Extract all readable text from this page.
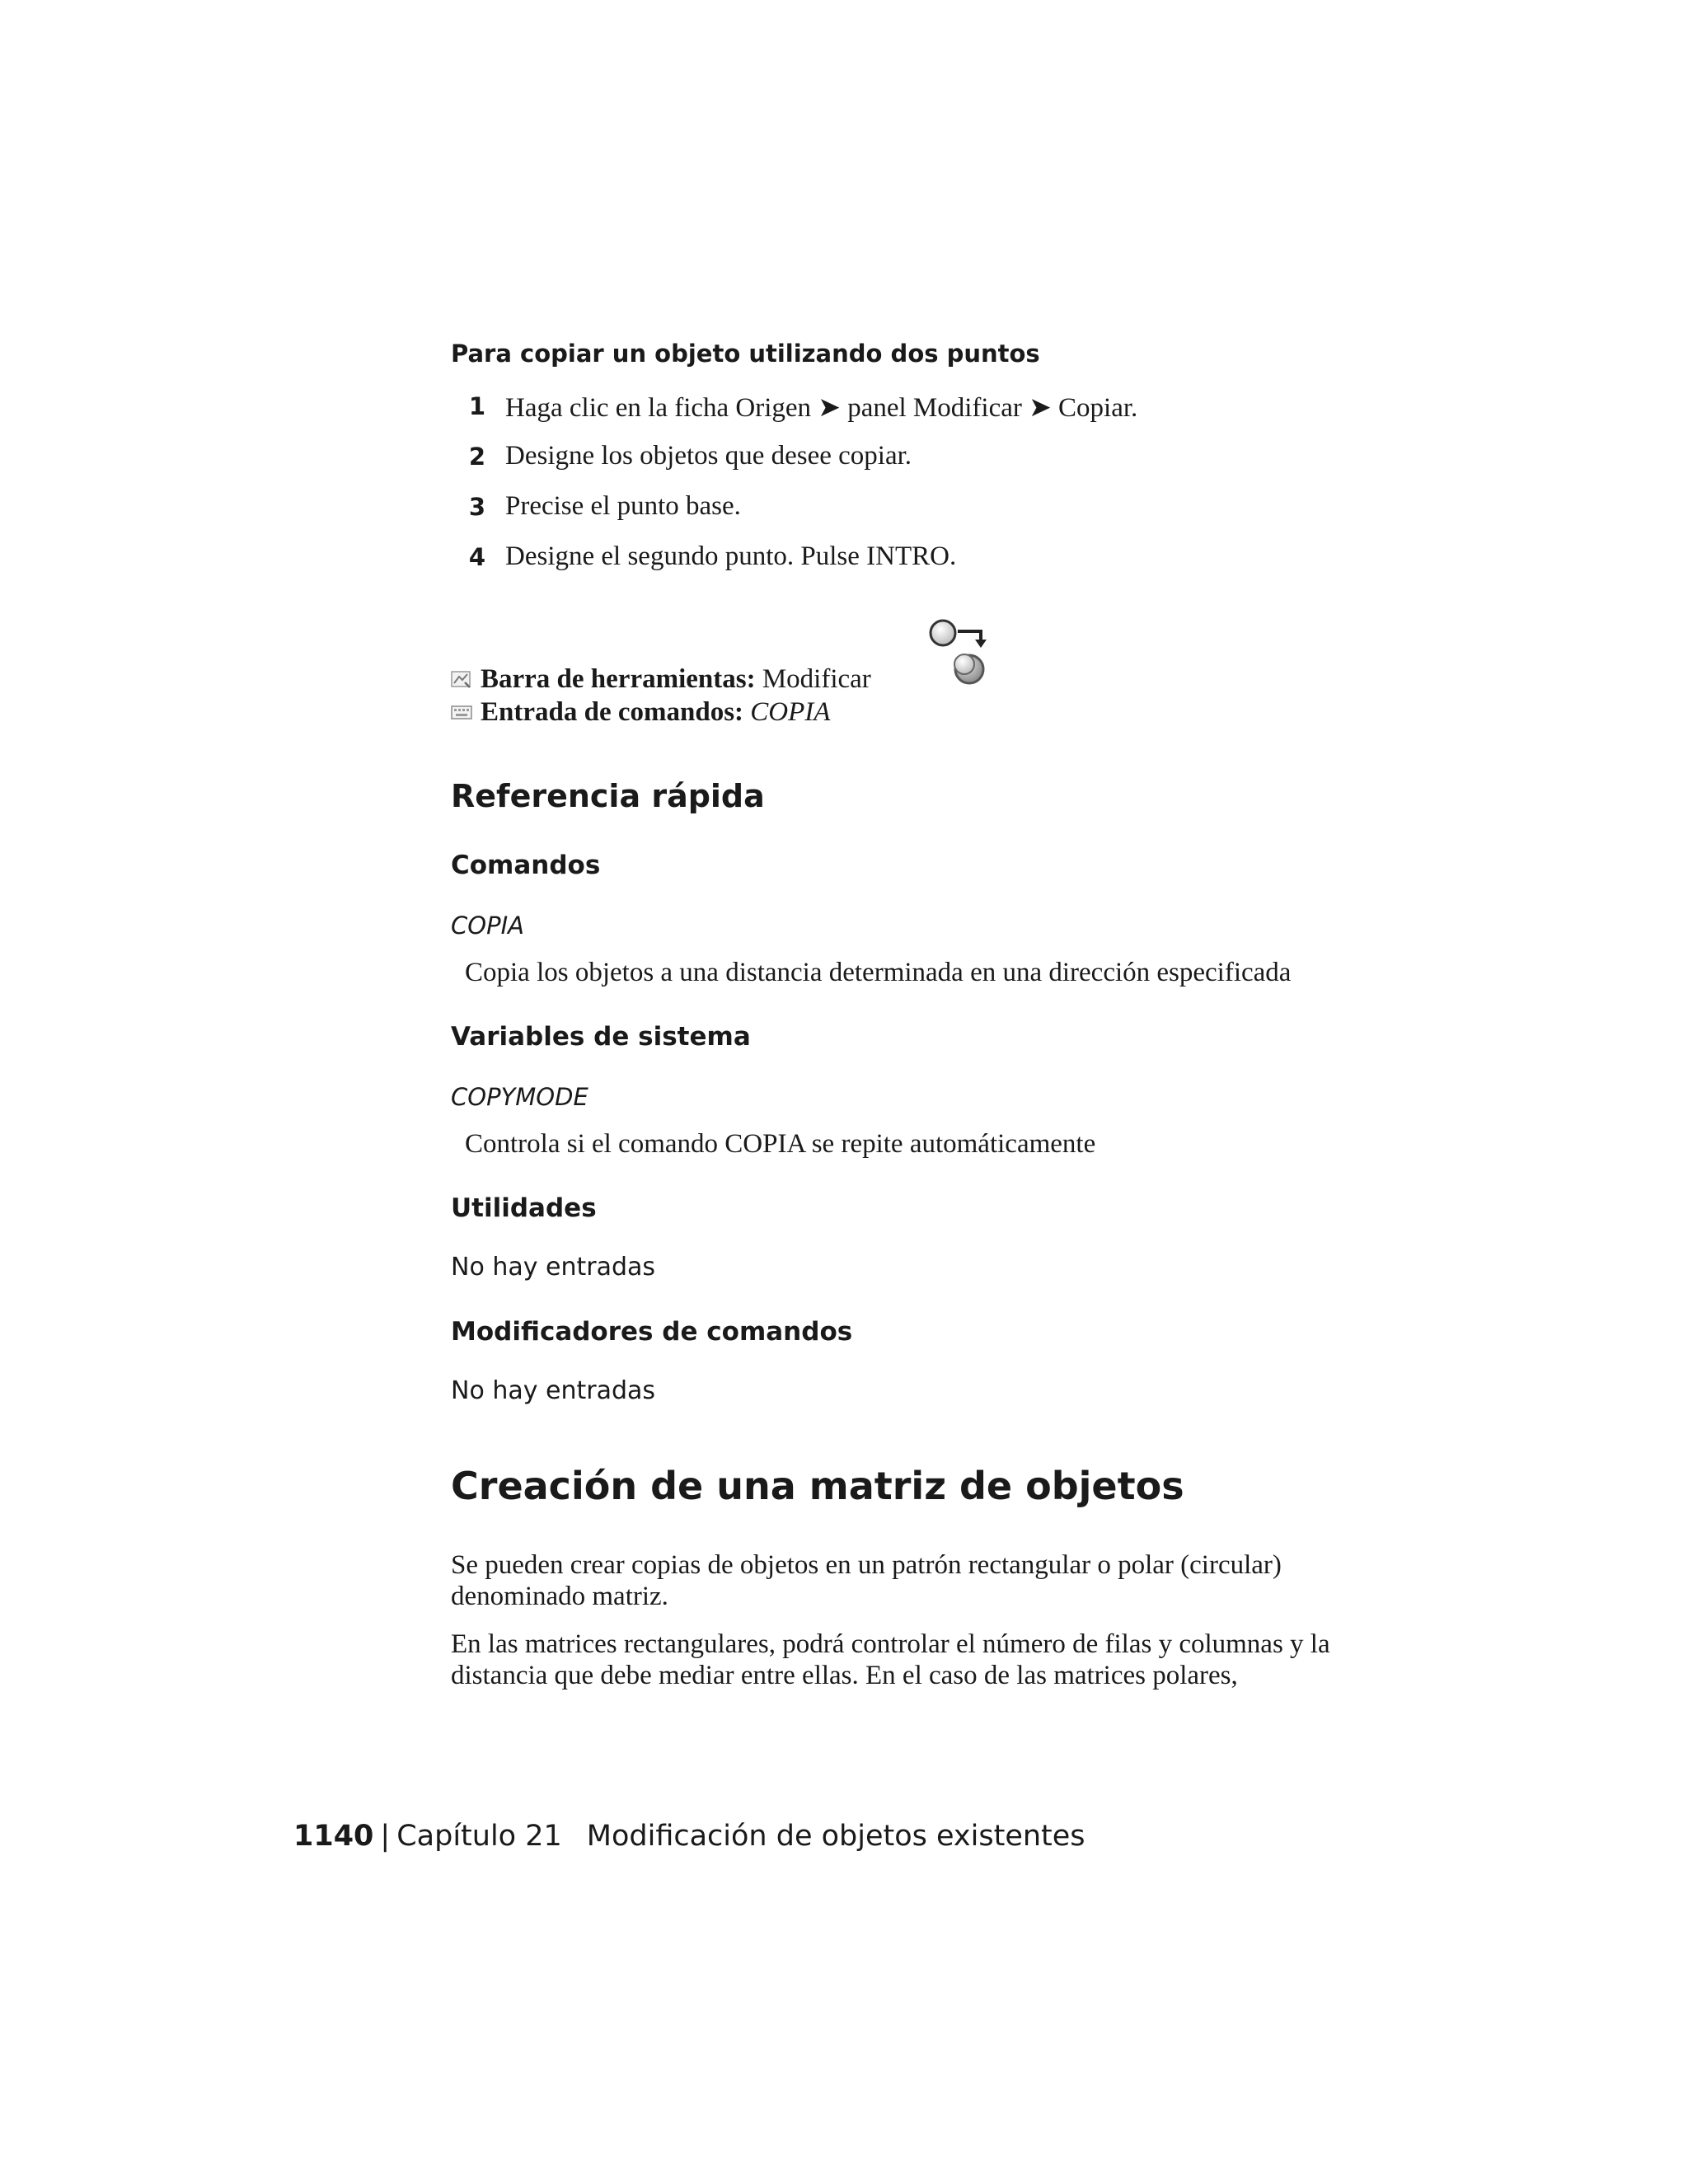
Para copiar un objeto utilizando dos puntos
1 Haga clic en la ficha Origen ➤ panel Modificar ➤ Copiar.
2 Designe los objetos que desee copiar.
3 Precise el punto base.
4 Designe el segundo punto. Pulse INTRO.
Barra de herramientas: Modificar
Entrada de comandos: COPIA
Referencia rápida
Comandos
COPIA
Copia los objetos a una distancia determinada en una dirección especificada
Variables de sistema
COPYMODE
Controla si el comando COPIA se repite automáticamente
Utilidades
No hay entradas
Modificadores de comandos
No hay entradas
Creación de una matriz de objetos

Se pueden crear copias de objetos en un patrón rectangular o polar (circular) denominado matriz.

En las matrices rectangulares, podrá controlar el número de filas y columnas y la distancia que debe mediar entre ellas. En el caso de las matrices polares,

1140 | Capítulo 21 Modificación de objetos existentes
